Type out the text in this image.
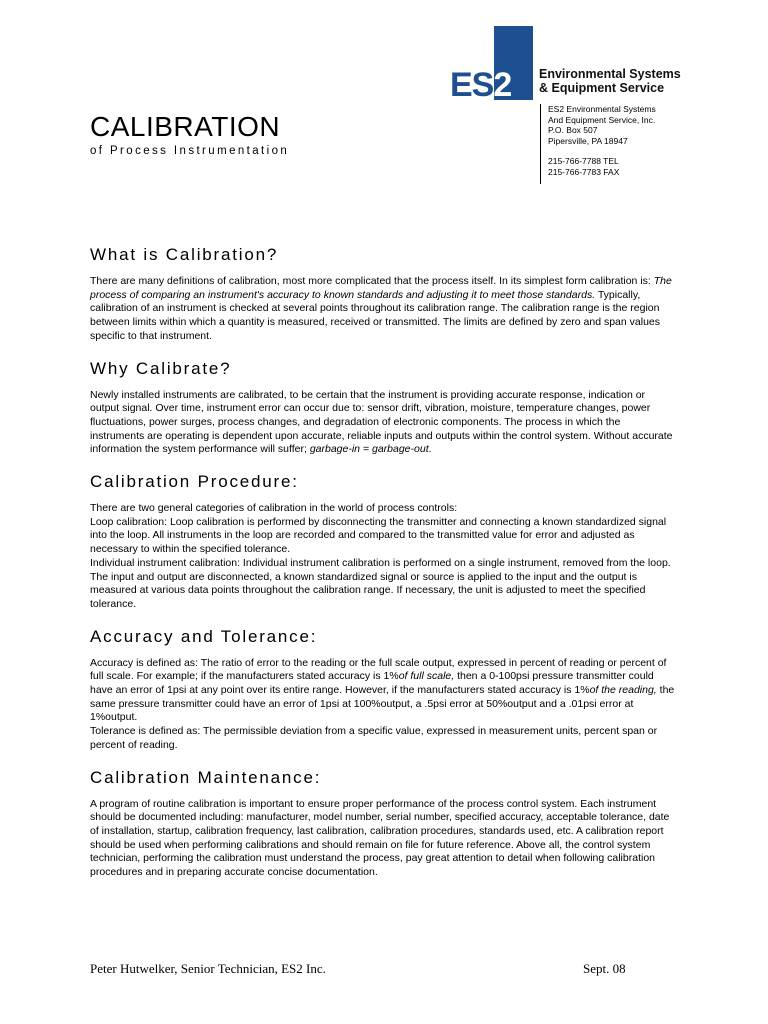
ES2 Environmental Systems
& Equipment Service
ES2 Environmental Systems
And Equipment Service, Inc.
P.O. Box 507
Pipersville, PA 18947
215-766-7788 TEL
215-766-7783 FAX
CALIBRATION
of Process Instrumentation
What is Calibration?

There are many definitions of calibration, most more complicated that the process itself. In its simplest form calibration is: The process of comparing an instrument's accuracy to known standards and adjusting it to meet those standards. Typically, calibration of an instrument is checked at several points throughout its calibration range. The calibration range is the region between limits within which a quantity is measured, received or transmitted. The limits are defined by zero and span values specific to that instrument.

Why Calibrate?

Newly installed instruments are calibrated, to be certain that the instrument is providing accurate response, indication or output signal. Over time, instrument error can occur due to: sensor drift, vibration, moisture, temperature changes, power fluctuations, power surges, process changes, and degradation of electronic components. The process in which the instruments are operating is dependent upon accurate, reliable inputs and outputs within the control system. Without accurate information the system performance will suffer; garbage-in = garbage-out.

Calibration Procedure:

There are two general categories of calibration in the world of process controls:

Loop calibration: Loop calibration is performed by disconnecting the transmitter and connecting a known standardized signal into the loop. All instruments in the loop are recorded and compared to the transmitted value for error and adjusted as necessary to within the specified tolerance.

Individual instrument calibration: Individual instrument calibration is performed on a single instrument, removed from the loop. The input and output are disconnected, a known standardized signal or source is applied to the input and the output is measured at various data points throughout the calibration range. If necessary, the unit is adjusted to meet the specified tolerance.

Accuracy and Tolerance:

Accuracy is defined as: The ratio of error to the reading or the full scale output, expressed in percent of reading or percent of full scale. For example; if the manufacturers stated accuracy is 1%of full scale, then a 0-100psi pressure transmitter could have an error of 1psi at any point over its entire range. However, if the manufacturers stated accuracy is 1%of the reading, the same pressure transmitter could have an error of 1psi at 100%output, a .5psi error at 50%output and a .01psi error at 1%output.

Tolerance is defined as: The permissible deviation from a specific value, expressed in measurement units, percent span or percent of reading.

Calibration Maintenance:

A program of routine calibration is important to ensure proper performance of the process control system. Each instrument should be documented including: manufacturer, model number, serial number, specified accuracy, acceptable tolerance, date of installation, startup, calibration frequency, last calibration, calibration procedures, standards used, etc. A calibration report should be used when performing calibrations and should remain on file for future reference. Above all, the control system technician, performing the calibration must understand the process, pay great attention to detail when following calibration procedures and in preparing accurate concise documentation.

Peter Hutwelker, Senior Technician, ES2 Inc.	Sept. 08
